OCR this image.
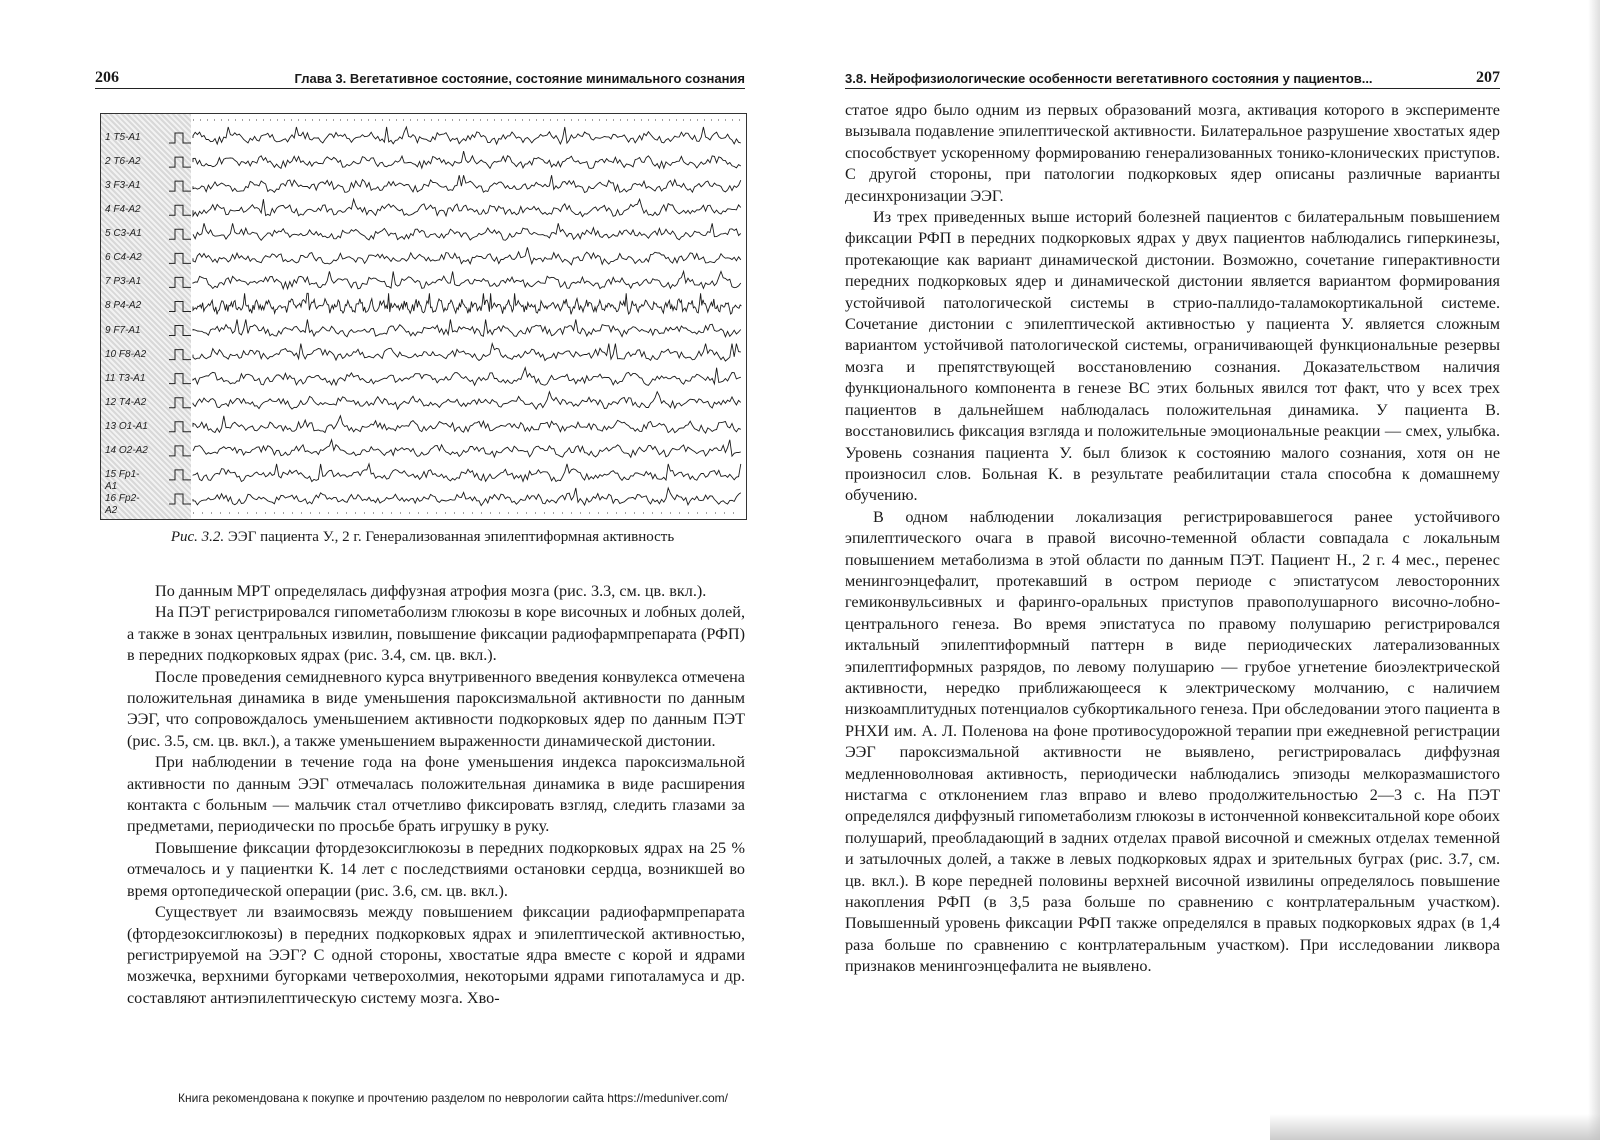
206	Глава 3. Вегетативное состояние, состояние минимального сознания
1 T5-A1
2 T6-A2
3 F3-A1
4 F4-A2
5 C3-A1
6 C4-A2
7 P3-A1
8 P4-A2
9 F7-A1
10 F8-A2
11 T3-A1
12 T4-A2
13 O1-A1
14 O2-A2
15 Fp1-A1
16 Fp2-A2
Рис. 3.2. ЭЭГ пациента У., 2 г. Генерализованная эпилептиформная активность

По данным МРТ определялась диффузная атрофия мозга (рис. 3.3, см. цв. вкл.).

На ПЭТ регистрировался гипометаболизм глюкозы в коре височных и лобных долей, а также в зонах центральных извилин, повышение фиксации радиофармпрепарата (РФП) в передних подкорковых ядрах (рис. 3.4, см. цв. вкл.).

После проведения семидневного курса внутривенного введения конвулекса отмечена положительная динамика в виде уменьшения пароксизмальной активности по данным ЭЭГ, что сопровождалось уменьшением активности подкорковых ядер по данным ПЭТ (рис. 3.5, см. цв. вкл.), а также уменьшением выраженности динамической дистонии.

При наблюдении в течение года на фоне уменьшения индекса пароксизмальной активности по данным ЭЭГ отмечалась положительная динамика в виде расширения контакта с больным — мальчик стал отчетливо фиксировать взгляд, следить глазами за предметами, периодически по просьбе брать игрушку в руку.

Повышение фиксации фтордезоксиглюкозы в передних подкорковых ядрах на 25 % отмечалось и у пациентки К. 14 лет с последствиями остановки сердца, возникшей во время ортопедической операции (рис. 3.6, см. цв. вкл.).

Существует ли взаимосвязь между повышением фиксации радиофармпрепарата (фтордезоксиглюкозы) в передних подкорковых ядрах и эпилептической активностью, регистрируемой на ЭЭГ? С одной стороны, хвостатые ядра вместе с корой и ядрами мозжечка, верхними бугорками четверохолмия, некоторыми ядрами гипоталамуса и др. составляют антиэпилептическую систему мозга. Хво-

3.8. Нейрофизиологические особенности вегетативного состояния у пациентов...	207

статое ядро было одним из первых образований мозга, активация которого в эксперименте вызывала подавление эпилептической активности. Билатеральное разрушение хвостатых ядер способствует ускоренному формированию генерализованных тонико-клонических приступов. С другой стороны, при патологии подкорковых ядер описаны различные варианты десинхронизации ЭЭГ.

Из трех приведенных выше историй болезней пациентов с билатеральным повышением фиксации РФП в передних подкорковых ядрах у двух пациентов наблюдались гиперкинезы, протекающие как вариант динамической дистонии. Возможно, сочетание гиперактивности передних подкорковых ядер и динамической дистонии является вариантом формирования устойчивой патологической системы в стрио-паллидо-таламокортикальной системе. Сочетание дистонии с эпилептической активностью у пациента У. является сложным вариантом устойчивой патологической системы, ограничивающей функциональные резервы мозга и препятствующей восстановлению сознания. Доказательством наличия функционального компонента в генезе ВС этих больных явился тот факт, что у всех трех пациентов в дальнейшем наблюдалась положительная динамика. У пациента В. восстановились фиксация взгляда и положительные эмоциональные реакции — смех, улыбка. Уровень сознания пациента У. был близок к состоянию малого сознания, хотя он не произносил слов. Больная К. в результате реабилитации стала способна к домашнему обучению.

В одном наблюдении локализация регистрировавшегося ранее устойчивого эпилептического очага в правой височно-теменной области совпадала с локальным повышением метаболизма в этой области по данным ПЭТ. Пациент Н., 2 г. 4 мес., перенес менингоэнцефалит, протекавший в остром периоде с эпистатусом левосторонних гемиконвульсивных и фаринго-оральных приступов правополушарного височно-лобно-центрального генеза. Во время эпистатуса по правому полушарию регистрировался иктальный эпилептиформный паттерн в виде периодических латерализованных эпилептиформных разрядов, по левому полушарию — грубое угнетение биоэлектрической активности, нередко приближающееся к электрическому молчанию, с наличием низкоамплитудных потенциалов субкортикального генеза. При обследовании этого пациента в РНХИ им. А. Л. Поленова на фоне противосудорожной терапии при ежедневной регистрации ЭЭГ пароксизмальной активности не выявлено, регистрировалась диффузная медленноволновая активность, периодически наблюдались эпизоды мелкоразмашистого нистагма с отклонением глаз вправо и влево продолжительностью 2—3 с. На ПЭТ определялся диффузный гипометаболизм глюкозы в истонченной конвекситальной коре обоих полушарий, преобладающий в задних отделах правой височной и смежных отделах теменной и затылочных долей, а также в левых подкорковых ядрах и зрительных буграх (рис. 3.7, см. цв. вкл.). В коре передней половины верхней височной извилины определялось повышение накопления РФП (в 3,5 раза больше по сравнению с контрлатеральным участком). Повышенный уровень фиксации РФП также определялся в правых подкорковых ядрах (в 1,4 раза больше по сравнению с контрлатеральным участком). При исследовании ликвора признаков менингоэнцефалита не выявлено.

Книга рекомендована к покупке и прочтению разделом по неврологии сайта https://meduniver.com/
